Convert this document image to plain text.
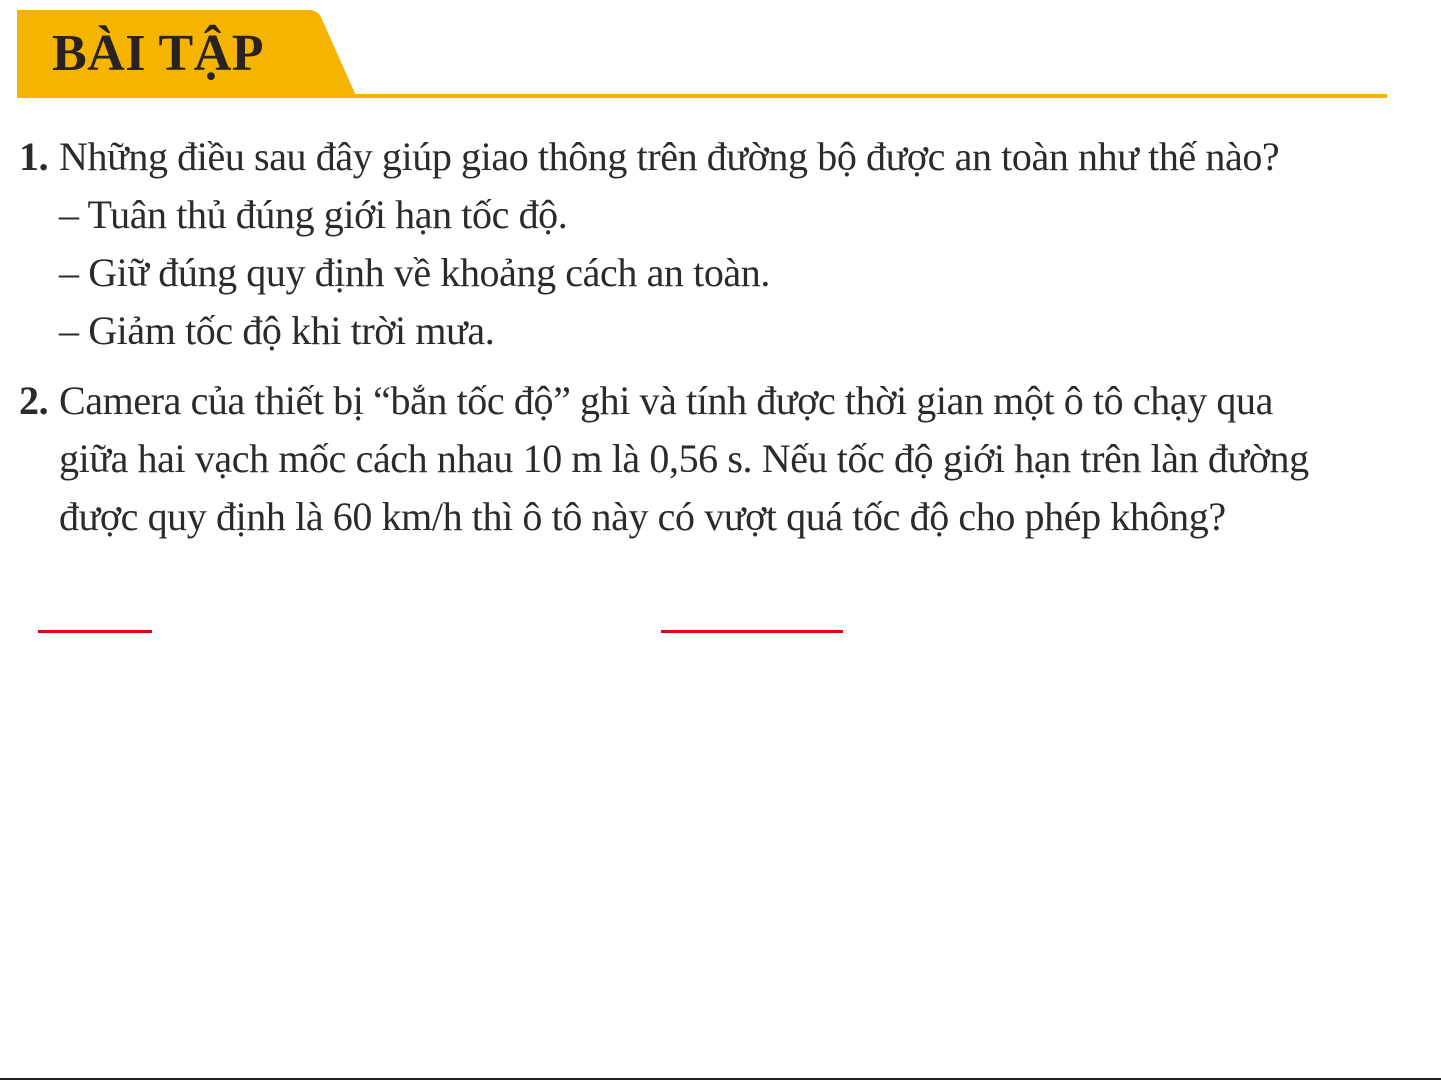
BÀI TẬP
1. Những điều sau đây giúp giao thông trên đường bộ được an toàn như thế nào?
– Tuân thủ đúng giới hạn tốc độ.
– Giữ đúng quy định về khoảng cách an toàn.
– Giảm tốc độ khi trời mưa.
2. Camera của thiết bị “bắn tốc độ” ghi và tính được thời gian một ô tô chạy qua
giữa hai vạch mốc cách nhau 10 m là 0,56 s. Nếu tốc độ giới hạn trên làn đường
được quy định là 60 km/h thì ô tô này có vượt quá tốc độ cho phép không?
